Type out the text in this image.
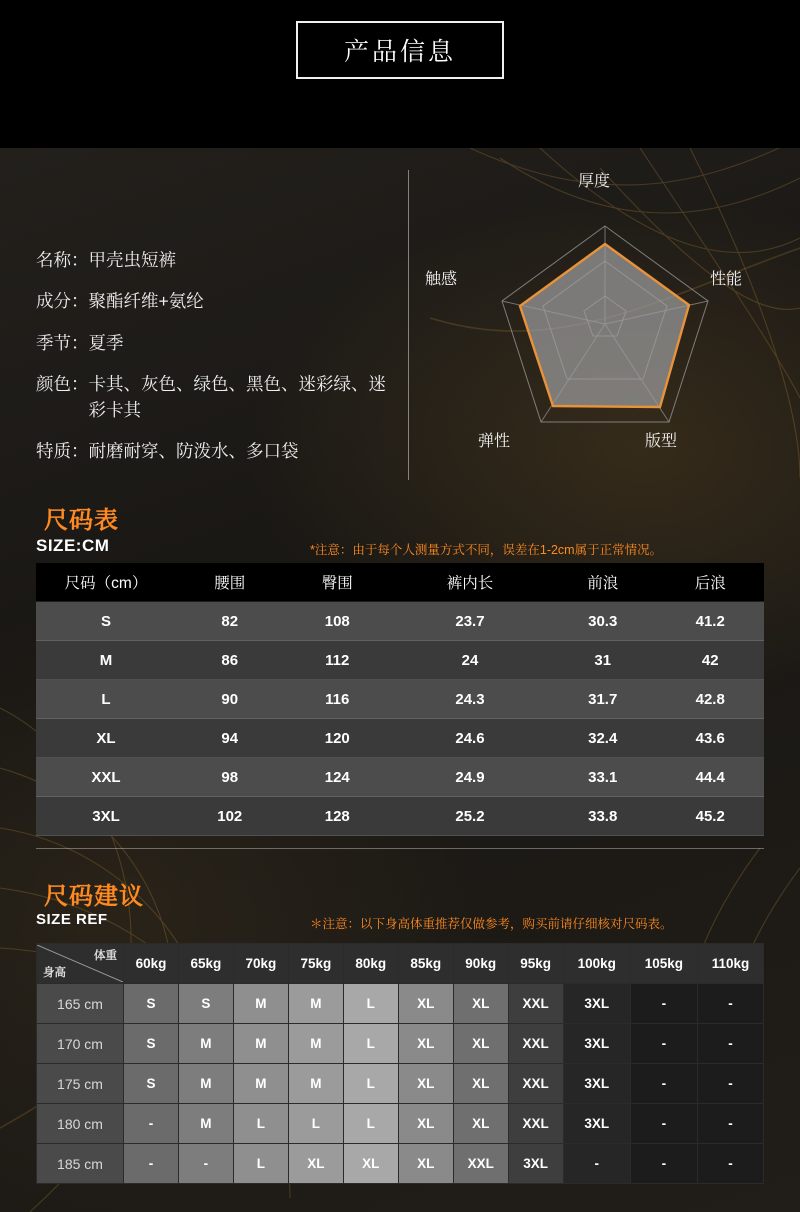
产品信息
名称： 甲壳虫短裤
成分： 聚酯纤维+氨纶
季节： 夏季
颜色： 卡其、灰色、绿色、黑色、迷彩绿、迷彩卡其
特质： 耐磨耐穿、防泼水、多口袋
厚度
性能
版型
弹性
触感
尺码表
SIZE:CM	*注意：由于每个人测量方式不同，误差在1-2cm属于正常情况。
尺码（cm）	腰围	臀围	裤内长	前浪	后浪
S	82	108	23.7	30.3	41.2
M	86	112	24	31	42
L	90	116	24.3	31.7	42.8
XL	94	120	24.6	32.4	43.6
XXL	98	124	24.9	33.1	44.4
3XL	102	128	25.2	33.8	45.2
尺码建议
SIZE REF	＊注意：以下身高体重推荐仅做参考，购买前请仔细核对尺码表。
体重
身高	60kg	65kg	70kg	75kg	80kg	85kg	90kg	95kg	100kg	105kg	110kg
165 cm	S	S	M	M	L	XL	XL	XXL	3XL	-	-
170 cm	S	M	M	M	L	XL	XL	XXL	3XL	-	-
175 cm	S	M	M	M	L	XL	XL	XXL	3XL	-	-
180 cm	-	M	L	L	L	XL	XL	XXL	3XL	-	-
185 cm	-	-	L	XL	XL	XL	XXL	3XL	-	-	-
